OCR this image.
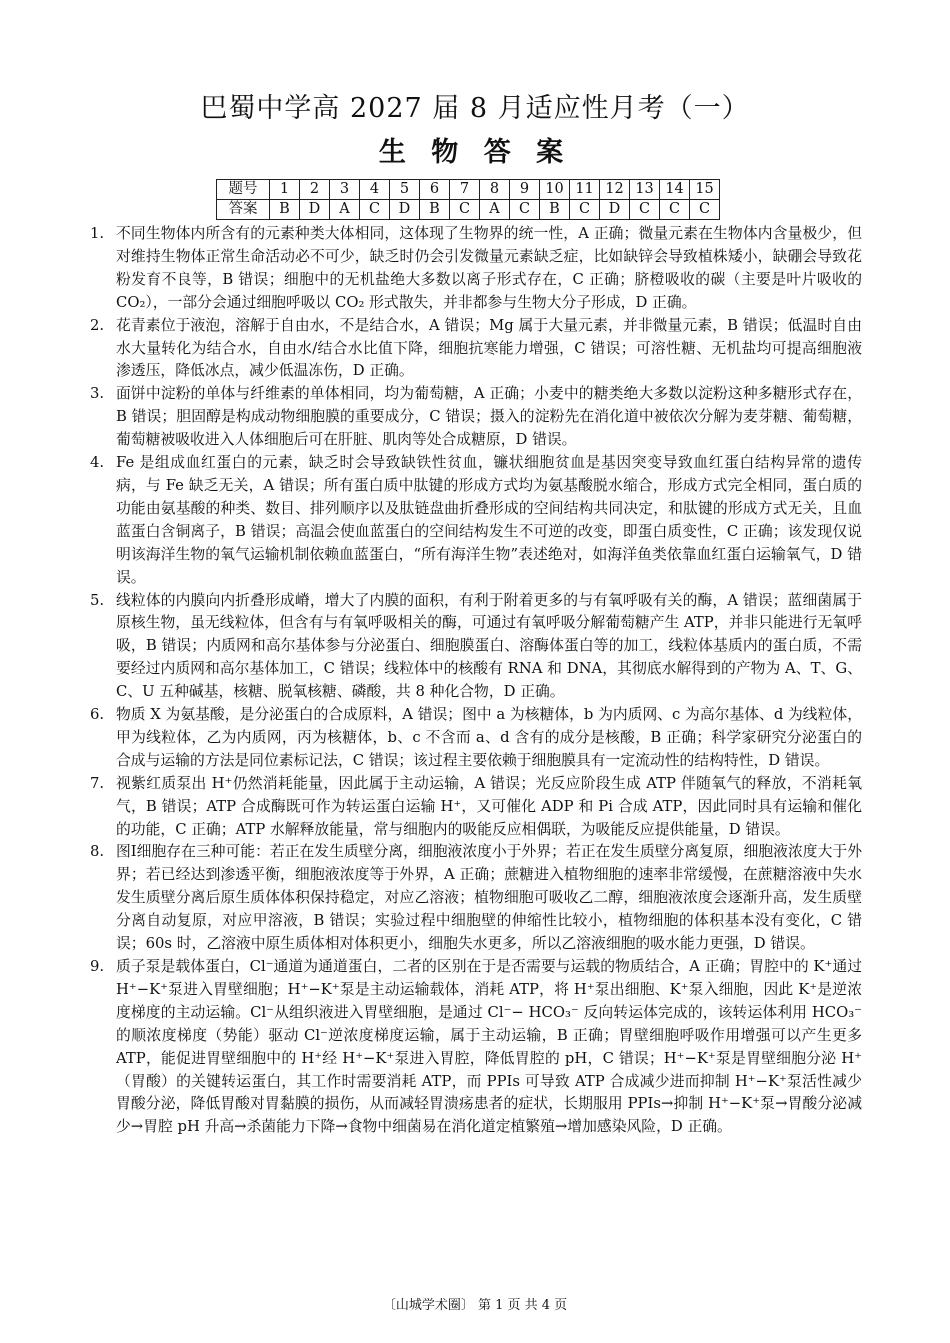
巴蜀中学高 2027 届 8 月适应性月考（一）
生 物 答 案
题号	1	2	3	4	5	6	7	8	9	10	11	12	13	14	15
答案	B	D	A	C	D	B	C	A	C	B	C	D	C	C	C
1. 不同生物体内所含有的元素种类大体相同，这体现了生物界的统一性，A 正确；微量元素在生物体内含量极少，但对维持生物体正常生命活动必不可少，缺乏时仍会引发微量元素缺乏症，比如缺锌会导致植株矮小，缺硼会导致花粉发育不良等，B 错误；细胞中的无机盐绝大多数以离子形式存在，C 正确；脐橙吸收的碳（主要是叶片吸收的 CO₂），一部分会通过细胞呼吸以 CO₂ 形式散失，并非都参与生物大分子形成，D 正确。
2. 花青素位于液泡，溶解于自由水，不是结合水，A 错误；Mg 属于大量元素，并非微量元素，B 错误；低温时自由水大量转化为结合水，自由水/结合水比值下降，细胞抗寒能力增强，C 错误；可溶性糖、无机盐均可提高细胞液渗透压，降低冰点，减少低温冻伤，D 正确。
3. 面饼中淀粉的单体与纤维素的单体相同，均为葡萄糖，A 正确；小麦中的糖类绝大多数以淀粉这种多糖形式存在，B 错误；胆固醇是构成动物细胞膜的重要成分，C 错误；摄入的淀粉先在消化道中被依次分解为麦芽糖、葡萄糖，葡萄糖被吸收进入人体细胞后可在肝脏、肌肉等处合成糖原，D 错误。
4. Fe 是组成血红蛋白的元素，缺乏时会导致缺铁性贫血，镰状细胞贫血是基因突变导致血红蛋白结构异常的遗传病，与 Fe 缺乏无关，A 错误；所有蛋白质中肽键的形成方式均为氨基酸脱水缩合，形成方式完全相同，蛋白质的功能由氨基酸的种类、数目、排列顺序以及肽链盘曲折叠形成的空间结构共同决定，和肽键的形成方式无关，且血蓝蛋白含铜离子，B 错误；高温会使血蓝蛋白的空间结构发生不可逆的改变，即蛋白质变性，C 正确；该发现仅说明该海洋生物的氧气运输机制依赖血蓝蛋白，“所有海洋生物”表述绝对，如海洋鱼类依靠血红蛋白运输氧气，D 错误。
5. 线粒体的内膜向内折叠形成嵴，增大了内膜的面积，有利于附着更多的与有氧呼吸有关的酶，A 错误；蓝细菌属于原核生物，虽无线粒体，但含有与有氧呼吸相关的酶，可通过有氧呼吸分解葡萄糖产生 ATP，并非只能进行无氧呼吸，B 错误；内质网和高尔基体参与分泌蛋白、细胞膜蛋白、溶酶体蛋白等的加工，线粒体基质内的蛋白质，不需要经过内质网和高尔基体加工，C 错误；线粒体中的核酸有 RNA 和 DNA，其彻底水解得到的产物为 A、T、G、C、U 五种碱基，核糖、脱氧核糖、磷酸，共 8 种化合物，D 正确。
6. 物质 X 为氨基酸，是分泌蛋白的合成原料，A 错误；图中 a 为核糖体，b 为内质网、c 为高尔基体、d 为线粒体，甲为线粒体，乙为内质网，丙为核糖体，b、c 不含而 a、d 含有的成分是核酸，B 正确；科学家研究分泌蛋白的合成与运输的方法是同位素标记法，C 错误；该过程主要依赖于细胞膜具有一定流动性的结构特性，D 错误。
7. 视紫红质泵出 H⁺仍然消耗能量，因此属于主动运输，A 错误；光反应阶段生成 ATP 伴随氧气的释放，不消耗氧气，B 错误；ATP 合成酶既可作为转运蛋白运输 H⁺，又可催化 ADP 和 Pi 合成 ATP，因此同时具有运输和催化的功能，C 正确；ATP 水解释放能量，常与细胞内的吸能反应相偶联，为吸能反应提供能量，D 错误。
8. 图Ⅰ细胞存在三种可能：若正在发生质壁分离，细胞液浓度小于外界；若正在发生质壁分离复原，细胞液浓度大于外界；若已经达到渗透平衡，细胞液浓度等于外界，A 正确；蔗糖进入植物细胞的速率非常缓慢，在蔗糖溶液中失水发生质壁分离后原生质体体积保持稳定，对应乙溶液；植物细胞可吸收乙二醇，细胞液浓度会逐渐升高，发生质壁分离自动复原，对应甲溶液，B 错误；实验过程中细胞壁的伸缩性比较小，植物细胞的体积基本没有变化，C 错误；60s 时，乙溶液中原生质体相对体积更小，细胞失水更多，所以乙溶液细胞的吸水能力更强，D 错误。
9. 质子泵是载体蛋白，Cl⁻通道为通道蛋白，二者的区别在于是否需要与运载的物质结合，A 正确；胃腔中的 K⁺通过 H⁺−K⁺泵进入胃壁细胞；H⁺−K⁺泵是主动运输载体，消耗 ATP，将 H⁺泵出细胞、K⁺泵入细胞，因此 K⁺是逆浓度梯度的主动运输。Cl⁻从组织液进入胃壁细胞，是通过 Cl⁻− HCO₃⁻ 反向转运体完成的，该转运体利用 HCO₃⁻ 的顺浓度梯度（势能）驱动 Cl⁻逆浓度梯度运输，属于主动运输，B 正确；胃壁细胞呼吸作用增强可以产生更多 ATP，能促进胃壁细胞中的 H⁺经 H⁺−K⁺泵进入胃腔，降低胃腔的 pH，C 错误；H⁺−K⁺泵是胃壁细胞分泌 H⁺（胃酸）的关键转运蛋白，其工作时需要消耗 ATP，而 PPIs 可导致 ATP 合成减少进而抑制 H⁺−K⁺泵活性减少胃酸分泌，降低胃酸对胃黏膜的损伤，从而减轻胃溃疡患者的症状，长期服用 PPIs→抑制 H⁺−K⁺泵→胃酸分泌减少→胃腔 pH 升高→杀菌能力下降→食物中细菌易在消化道定植繁殖→增加感染风险，D 正确。
〔山城学术圈〕 第 1 页 共 4 页
